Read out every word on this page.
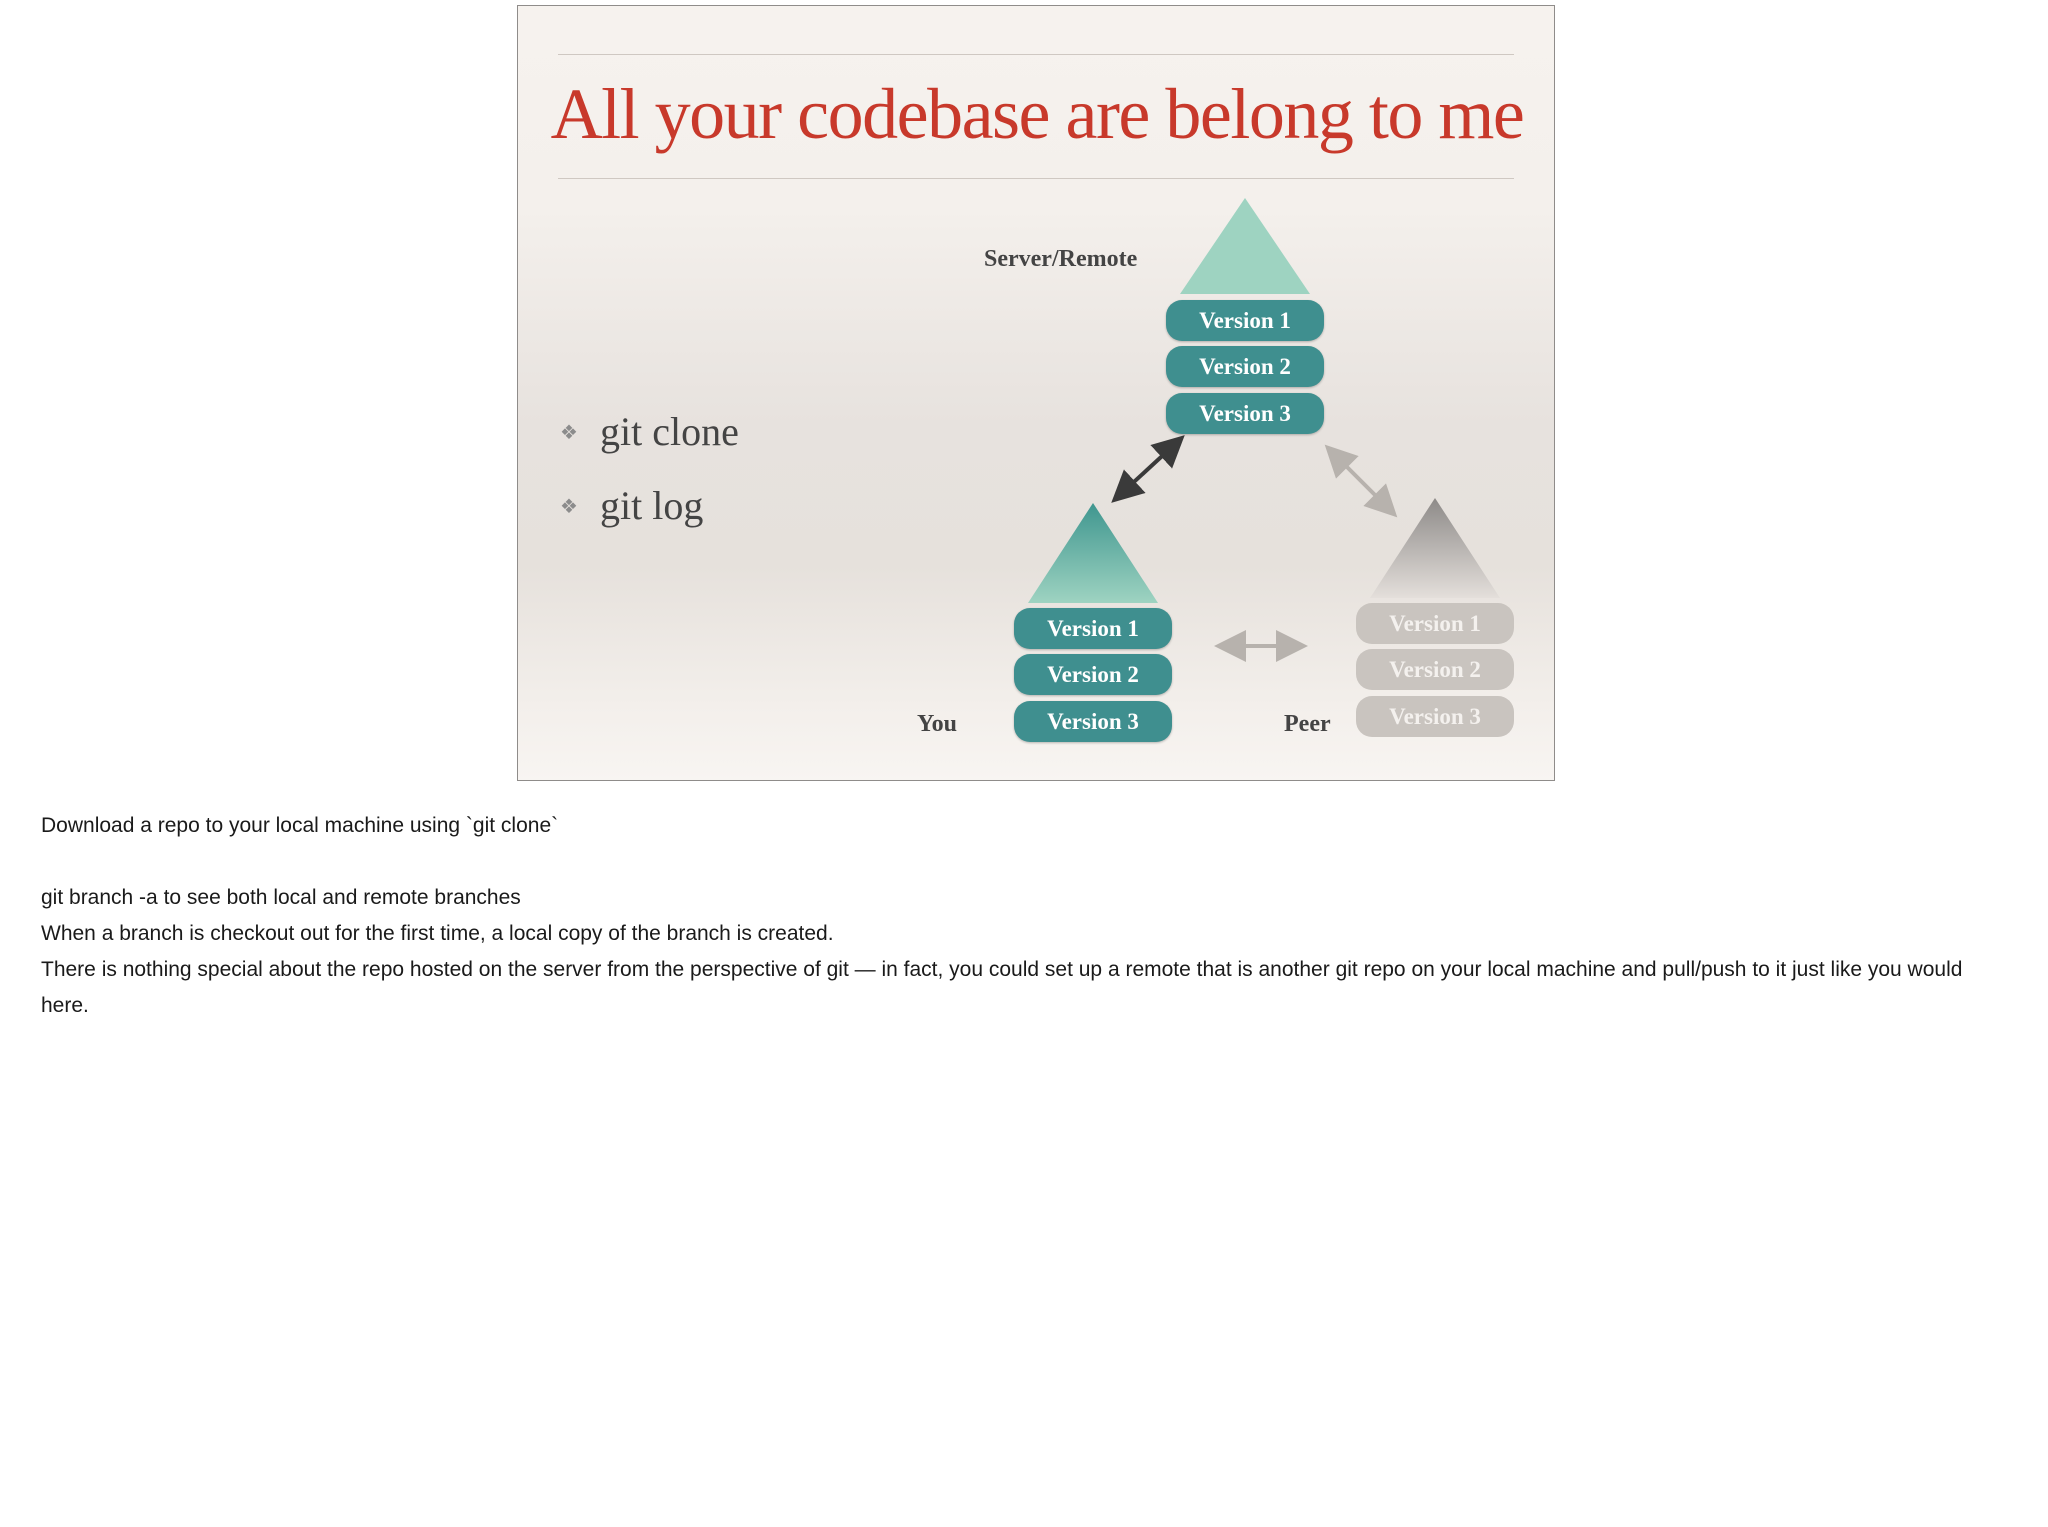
All your codebase are belong to me
❖ git clone
❖ git log
Server/Remote
Version 1
Version 2
Version 3
Version 1
Version 2
Version 3
You
Version 1
Version 2
Version 3
Peer

Download a repo to your local machine using `git clone`

git branch -a to see both local and remote branches

When a branch is checkout out for the first time, a local copy of the branch is created.

There is nothing special about the repo hosted on the server from the perspective of git — in fact, you could set up a remote that is another git repo on your local machine and pull/push to it just like you would here.
